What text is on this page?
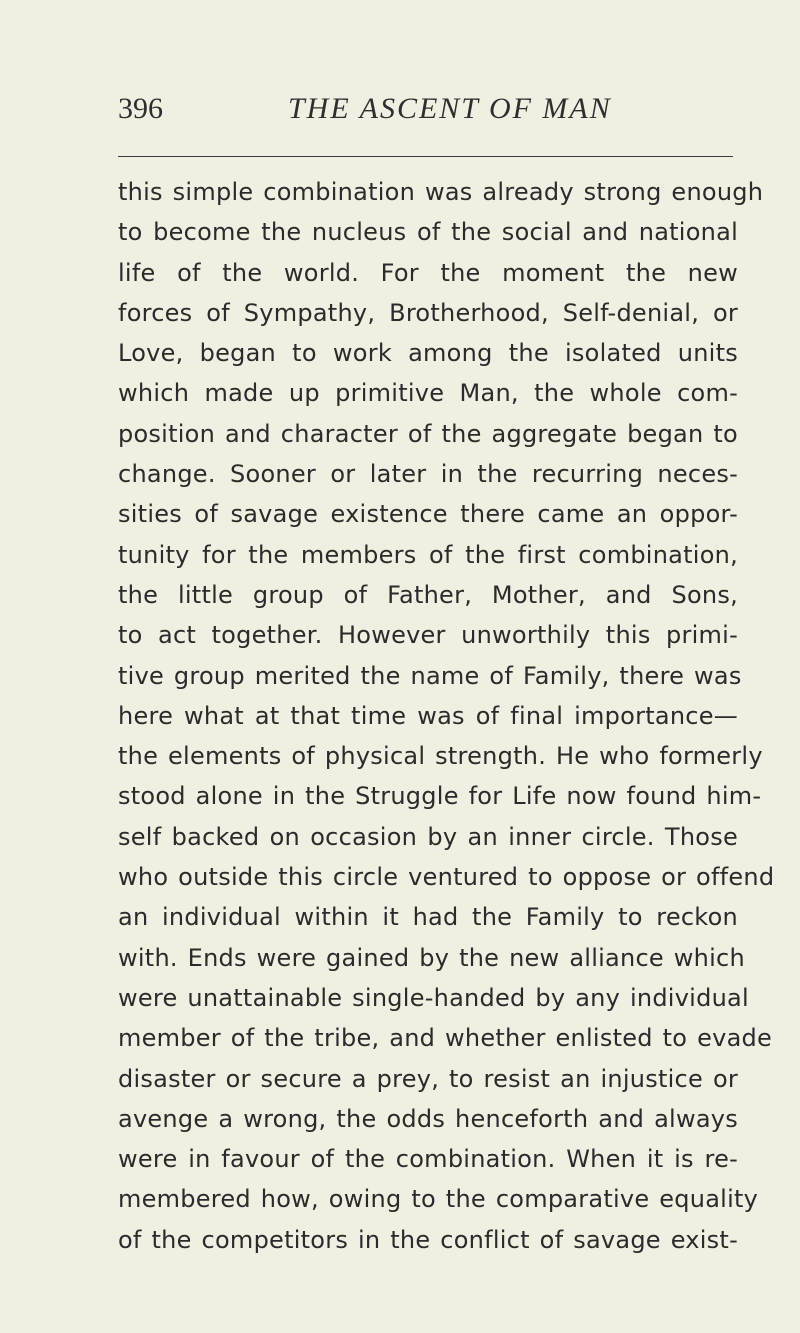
396	THE ASCENT OF MAN
this simple combination was already strong enough
to become the nucleus of the social and national
life of the world. For the moment the new
forces of Sympathy, Brotherhood, Self-denial, or
Love, began to work among the isolated units
which made up primitive Man, the whole com-
position and character of the aggregate began to
change. Sooner or later in the recurring neces-
sities of savage existence there came an oppor-
tunity for the members of the first combination,
the little group of Father, Mother, and Sons,
to act together. However unworthily this primi-
tive group merited the name of Family, there was
here what at that time was of final importance—
the elements of physical strength. He who formerly
stood alone in the Struggle for Life now found him-
self backed on occasion by an inner circle. Those
who outside this circle ventured to oppose or offend
an individual within it had the Family to reckon
with. Ends were gained by the new alliance which
were unattainable single-handed by any individual
member of the tribe, and whether enlisted to evade
disaster or secure a prey, to resist an injustice or
avenge a wrong, the odds henceforth and always
were in favour of the combination. When it is re-
membered how, owing to the comparative equality
of the competitors in the conflict of savage exist-
